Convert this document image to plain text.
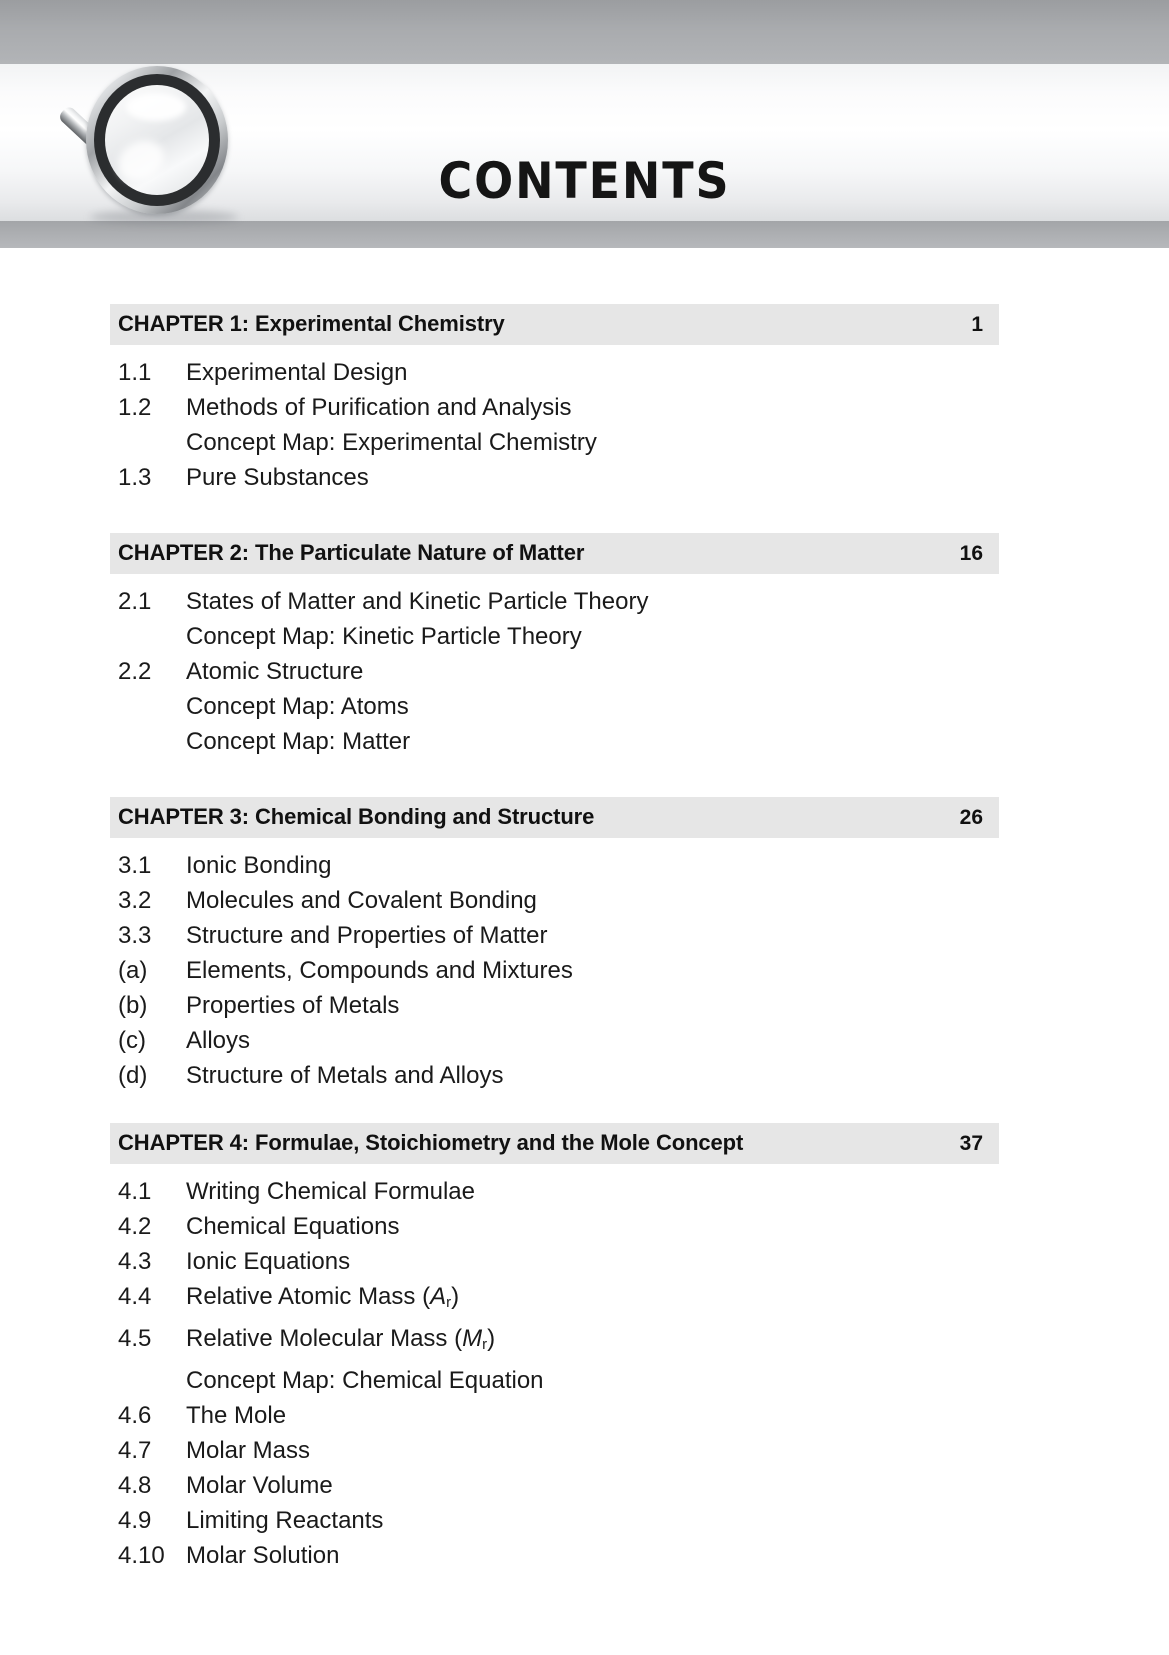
CONTENTS
CHAPTER 1: Experimental Chemistry	1
1.1	Experimental Design
1.2	Methods of Purification and Analysis
Concept Map: Experimental Chemistry
1.3	Pure Substances
CHAPTER 2: The Particulate Nature of Matter	16
2.1	States of Matter and Kinetic Particle Theory
Concept Map: Kinetic Particle Theory
2.2	Atomic Structure
Concept Map: Atoms
Concept Map: Matter
CHAPTER 3: Chemical Bonding and Structure	26
3.1	Ionic Bonding
3.2	Molecules and Covalent Bonding
3.3	Structure and Properties of Matter
(a)	Elements, Compounds and Mixtures
(b)	Properties of Metals
(c)	Alloys
(d)	Structure of Metals and Alloys
CHAPTER 4: Formulae, Stoichiometry and the Mole Concept	37
4.1	Writing Chemical Formulae
4.2	Chemical Equations
4.3	Ionic Equations
4.4	Relative Atomic Mass $(A_r)$
4.5	Relative Molecular Mass $(M_r)$
Concept Map: Chemical Equation
4.6	The Mole
4.7	Molar Mass
4.8	Molar Volume
4.9	Limiting Reactants
4.10 Molar Solution
